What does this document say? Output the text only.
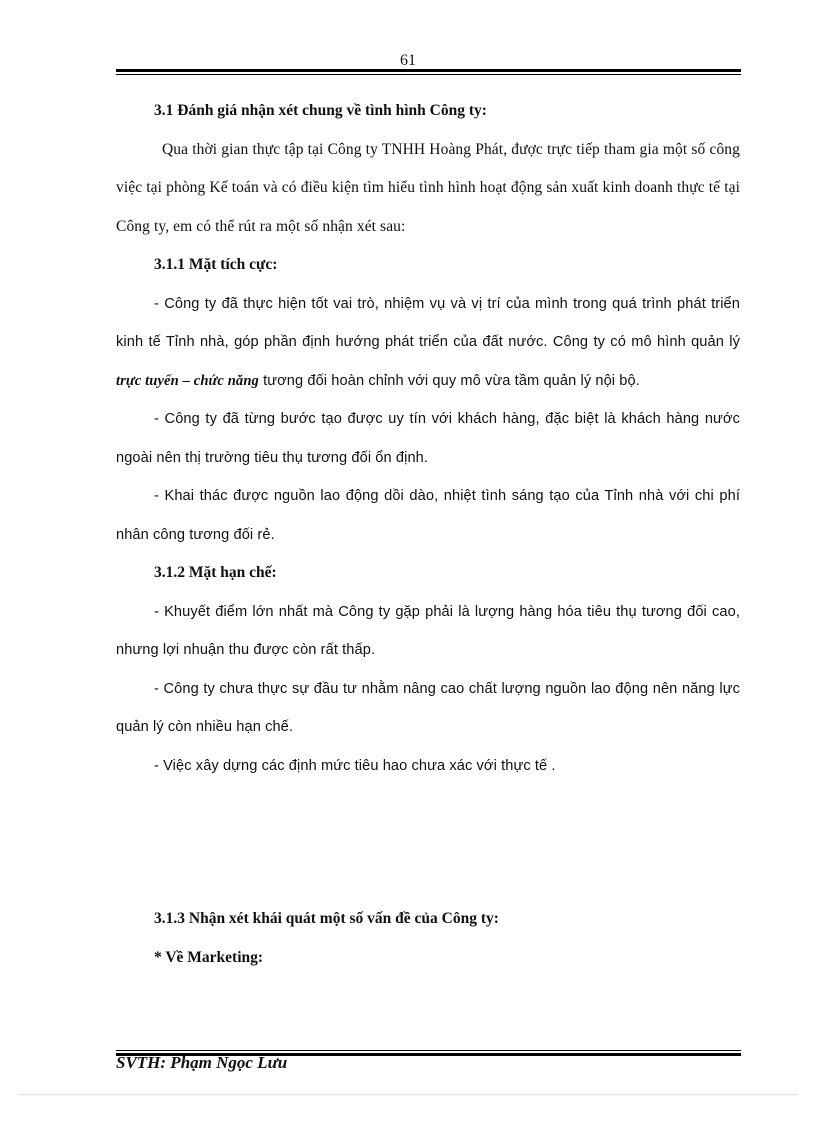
61

3.1 Đánh giá nhận xét chung về tình hình Công ty:

Qua thời gian thực tập tại Công ty TNHH Hoàng Phát, được trực tiếp tham gia một số công việc tại phòng Kế toán và có điều kiện tìm hiểu tình hình hoạt động sản xuất kinh doanh thực tế tại Công ty, em có thể rút ra một số nhận xét sau:

3.1.1 Mặt tích cực:

- Công ty đã thực hiện tốt vai trò, nhiệm vụ và vị trí của mình trong quá trình phát triển kinh tế Tỉnh nhà, góp phần định hướng phát triển của đất nước. Công ty có mô hình quản lý trực tuyến – chức năng tương đối hoàn chỉnh với quy mô vừa tầm quản lý nội bộ.

- Công ty đã từng bước tạo được uy tín với khách hàng, đặc biệt là khách hàng nước ngoài nên thị trường tiêu thụ tương đối ổn định.

- Khai thác được nguồn lao động dồi dào, nhiệt tình sáng tạo của Tỉnh nhà với chi phí nhân công tương đối rẻ.

3.1.2 Mặt hạn chế:

- Khuyết điểm lớn nhất mà Công ty gặp phải là lượng hàng hóa tiêu thụ tương đối cao, nhưng lợi nhuận thu được còn rất thấp.

- Công ty chưa thực sự đầu tư nhằm nâng cao chất lượng nguồn lao động nên năng lực quản lý còn nhiều hạn chế.

- Việc xây dựng các định mức tiêu hao chưa xác với thực tế .

3.1.3 Nhận xét khái quát một số vấn đề của Công ty:

* Về Marketing:

SVTH: Phạm Ngọc Lưu
